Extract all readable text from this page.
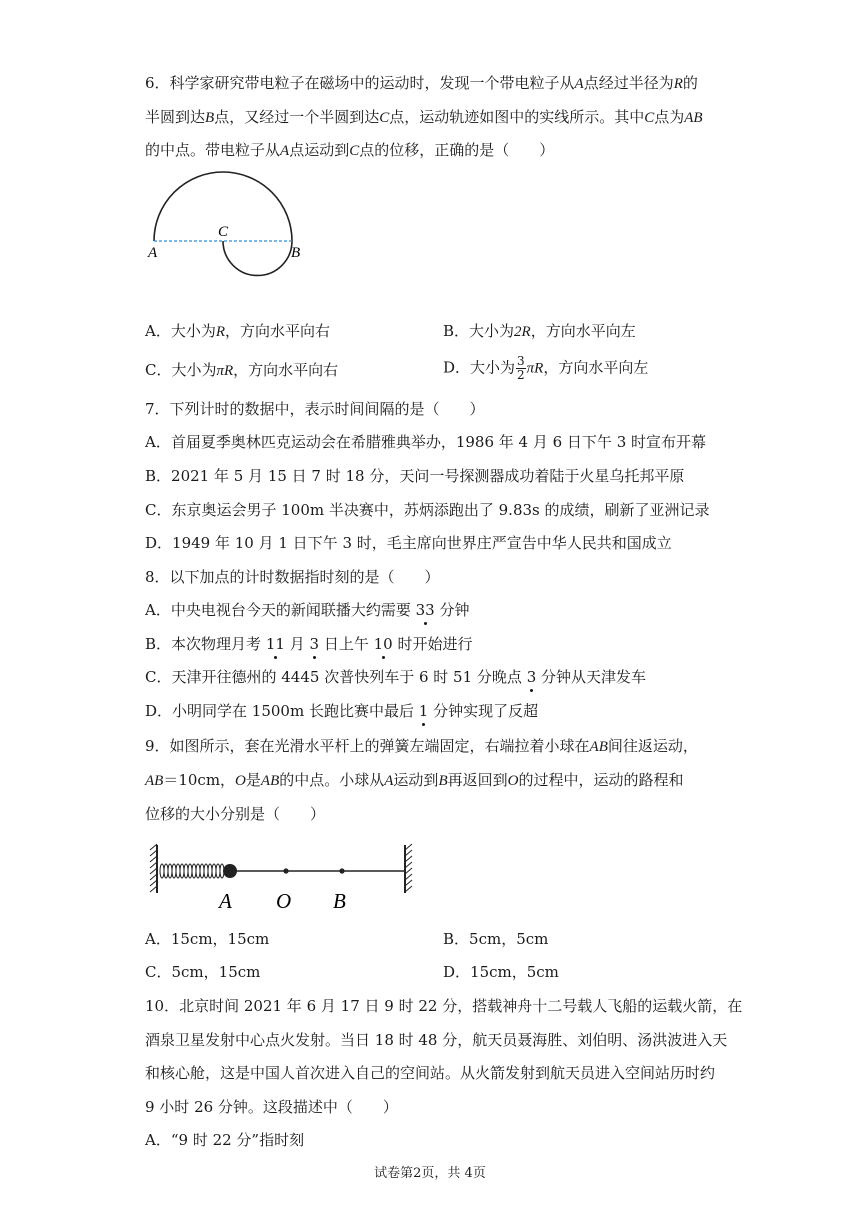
6．科学家研究带电粒子在磁场中的运动时，发现一个带电粒子从A点经过半径为R的
半圆到达B点，又经过一个半圆到达C点，运动轨迹如图中的实线所示。其中C点为AB
的中点。带电粒子从A点运动到C点的位移，正确的是（　　）
A
C
B
A．大小为R，方向水平向右	B．大小为2R，方向水平向左
C．大小为πR，方向水平向右	D．大小为 $\frac{3}{2}$ πR，方向水平向左
7．下列计时的数据中，表示时间间隔的是（　　）
A．首届夏季奥林匹克运动会在希腊雅典举办，1986 年 4 月 6 日下午 3 时宣布开幕
B．2021 年 5 月 15 日 7 时 18 分，天问一号探测器成功着陆于火星乌托邦平原
C．东京奥运会男子 100m 半决赛中，苏炳添跑出了 9.83s 的成绩，刷新了亚洲记录
D．1949 年 10 月 1 日下午 3 时，毛主席向世界庄严宣告中华人民共和国成立
8．以下加点的计时数据指时刻的是（　　）
A．中央电视台今天的新闻联播大约需要 33 分钟
B．本次物理月考 11 月 3 日上午 10 时开始进行
C．天津开往德州的 4445 次普快列车于 6 时 51 分晚点 3 分钟从天津发车
D．小明同学在 1500m 长跑比赛中最后 1 分钟实现了反超
9．如图所示，套在光滑水平杆上的弹簧左端固定，右端拉着小球在AB间往返运动，
AB＝10cm，O是AB的中点。小球从A运动到B再返回到O的过程中，运动的路程和
位移的大小分别是（　　）
A O B
A．15cm，15cm	B．5cm，5cm
C．5cm，15cm	D．15cm，5cm
10．北京时间 2021 年 6 月 17 日 9 时 22 分，搭载神舟十二号载人飞船的运载火箭，在
酒泉卫星发射中心点火发射。当日 18 时 48 分，航天员聂海胜、刘伯明、汤洪波进入天
和核心舱，这是中国人首次进入自己的空间站。从火箭发射到航天员进入空间站历时约
9 小时 26 分钟。这段描述中（　　）
A．“9 时 22 分”指时刻
试卷第2页，共 4页
